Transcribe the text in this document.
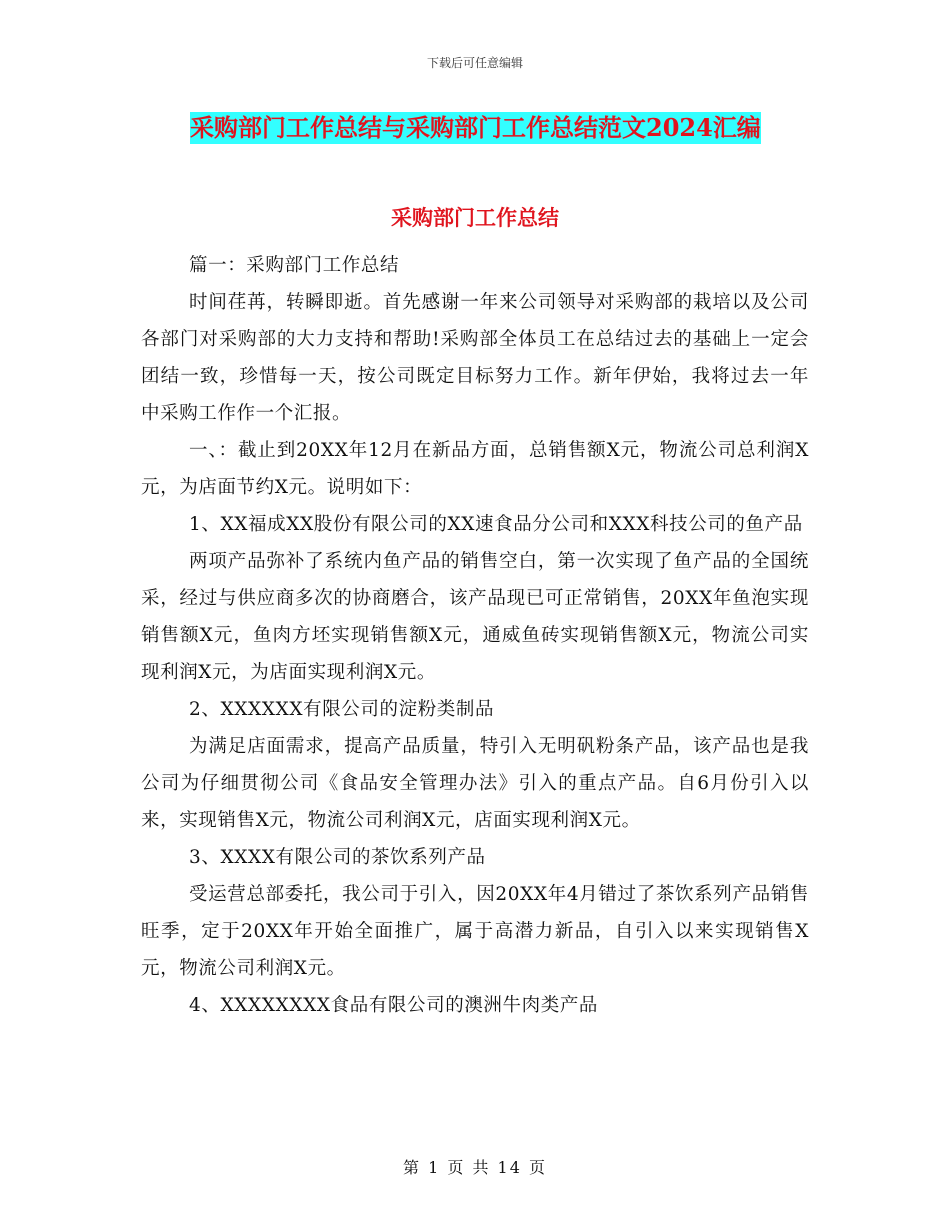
下载后可任意编辑
采购部门工作总结与采购部门工作总结范文2024汇编
采购部门工作总结

篇一：采购部门工作总结

时间荏苒，转瞬即逝。首先感谢一年来公司领导对采购部的栽培以及公司各部门对采购部的大力支持和帮助!采购部全体员工在总结过去的基础上一定会团结一致，珍惜每一天，按公司既定目标努力工作。新年伊始，我将过去一年中采购工作作一个汇报。

一、：截止到20XX年12月在新品方面，总销售额X元，物流公司总利润X元，为店面节约X元。说明如下：

1、XX福成XX股份有限公司的XX速食品分公司和XXX科技公司的鱼产品

两项产品弥补了系统内鱼产品的销售空白，第一次实现了鱼产品的全国统采，经过与供应商多次的协商磨合，该产品现已可正常销售，20XX年鱼泡实现销售额X元，鱼肉方坯实现销售额X元，通威鱼砖实现销售额X元，物流公司实现利润X元，为店面实现利润X元。

2、XXXXXX有限公司的淀粉类制品

为满足店面需求，提高产品质量，特引入无明矾粉条产品，该产品也是我公司为仔细贯彻公司《食品安全管理办法》引入的重点产品。自6月份引入以来，实现销售X元，物流公司利润X元，店面实现利润X元。

3、XXXX有限公司的茶饮系列产品

受运营总部委托，我公司于引入，因20XX年4月错过了茶饮系列产品销售旺季，定于20XX年开始全面推广，属于高潜力新品，自引入以来实现销售X元，物流公司利润X元。

4、XXXXXXXX食品有限公司的澳洲牛肉类产品

第 1 页 共 14 页
